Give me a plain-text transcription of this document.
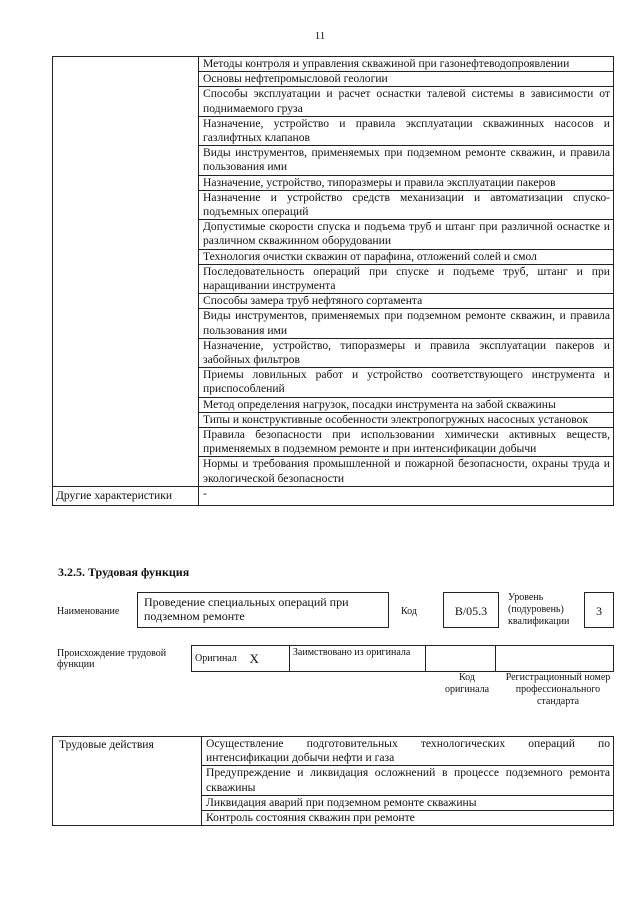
11
	Методы контроля и управления скважиной при газонефтеводопроявлении
	Основы нефтепромысловой геологии
	Способы эксплуатации и расчет оснастки талевой системы в зависимости от поднимаемого груза
	Назначение, устройство и правила эксплуатации скважинных насосов и газлифтных клапанов
	Виды инструментов, применяемых при подземном ремонте скважин, и правила пользования ими
	Назначение, устройство, типоразмеры и правила эксплуатации пакеров
	Назначение и устройство средств механизации и автоматизации спуско-подъемных операций
	Допустимые скорости спуска и подъема труб и штанг при различной оснастке и различном скважинном оборудовании
	Технология очистки скважин от парафина, отложений солей и смол
	Последовательность операций при спуске и подъеме труб, штанг и при наращивании инструмента
	Способы замера труб нефтяного сортамента
	Виды инструментов, применяемых при подземном ремонте скважин, и правила пользования ими
	Назначение, устройство, типоразмеры и правила эксплуатации пакеров и забойных фильтров
	Приемы ловильных работ и устройство соответствующего инструмента и приспособлений
	Метод определения нагрузок, посадки инструмента на забой скважины
	Типы и конструктивные особенности электропогружных насосных установок
	Правила безопасности при использовании химически активных веществ, применяемых в подземном ремонте и при интенсификации добычи
	Нормы и требования промышленной и пожарной безопасности, охраны труда и экологической безопасности
Другие характеристики	-
3.2.5. Трудовая функция
Наименование
Проведение специальных операций при подземном ремонте	Код	B/05.3
Уровень (подуровень) квалификации
3
Происхождение трудовой функции
Оригинал	X	Заимствовано из оригинала		
Код оригинала
Регистрационный номер профессионального стандарта
Трудовые действия	Осуществление подготовительных технологических операций по интенсификации добычи нефти и газа
Предупреждение и ликвидация осложнений в процессе подземного ремонта скважины
Ликвидация аварий при подземном ремонте скважины
Контроль состояния скважин при ремонте
